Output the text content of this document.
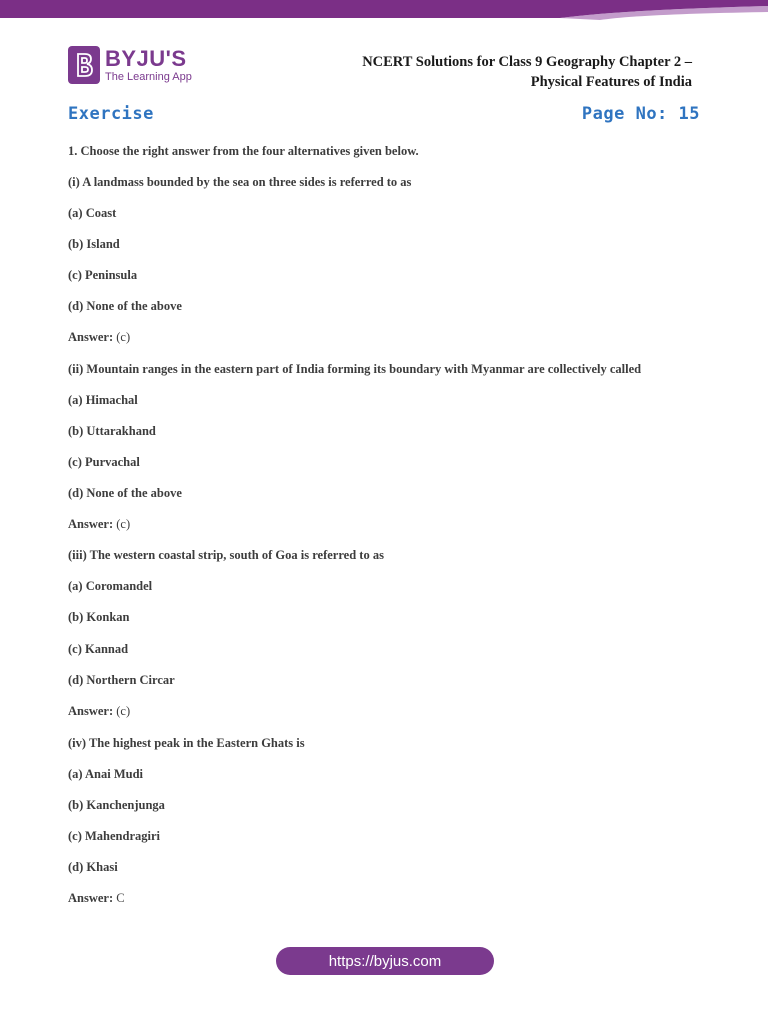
BYJU'S
The Learning App
NCERT Solutions for Class 9 Geography Chapter 2 –
Physical Features of India
Exercise	Page No: 15
1. Choose the right answer from the four alternatives given below.
(i) A landmass bounded by the sea on three sides is referred to as
(a) Coast
(b) Island
(c) Peninsula
(d) None of the above
Answer: (c)
(ii) Mountain ranges in the eastern part of India forming its boundary with Myanmar are collectively called
(a) Himachal
(b) Uttarakhand
(c) Purvachal
(d) None of the above
Answer: (c)
(iii) The western coastal strip, south of Goa is referred to as
(a) Coromandel
(b) Konkan
(c) Kannad
(d) Northern Circar
Answer: (c)
(iv) The highest peak in the Eastern Ghats is
(a) Anai Mudi
(b) Kanchenjunga
(c) Mahendragiri
(d) Khasi
Answer: C
https://byjus.com
